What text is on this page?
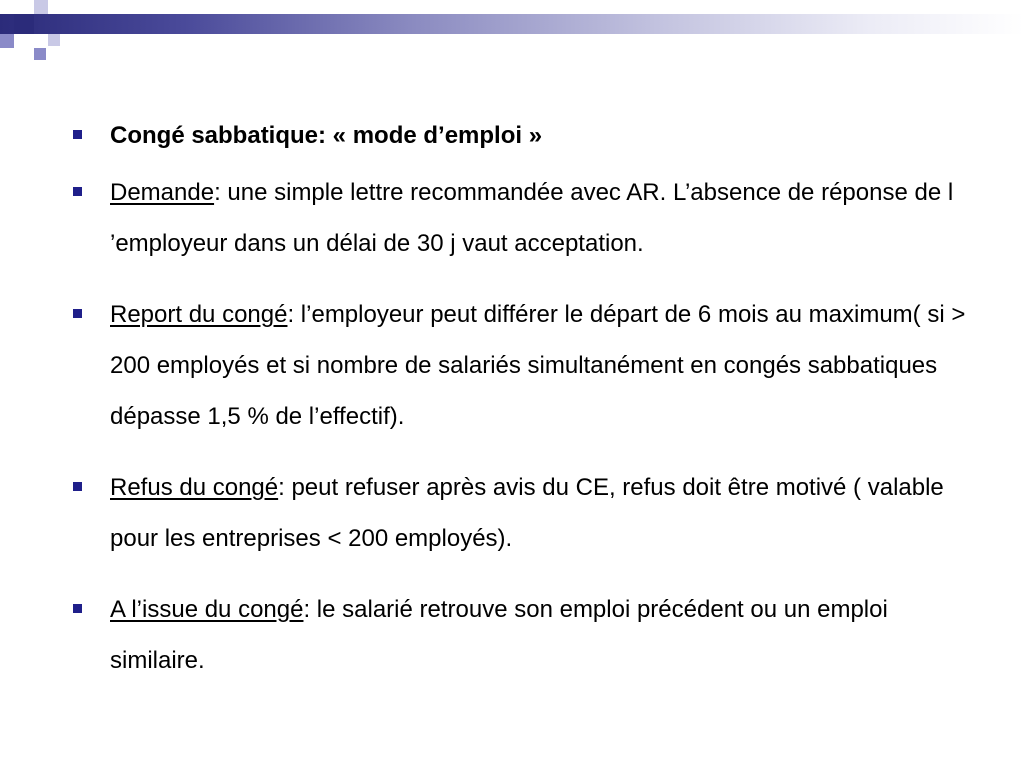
Congé sabbatique: « mode d’emploi »
Demande: une simple lettre recommandée avec AR. L’absence de réponse de l ’employeur dans un délai de 30 j vaut acceptation.
Report du congé: l’employeur peut différer le départ de 6 mois au maximum( si > 200 employés et si nombre de salariés simultanément en congés sabbatiques dépasse 1,5 % de l’effectif).
Refus du congé: peut refuser après avis du CE, refus doit être motivé ( valable pour les entreprises < 200 employés).
A l’issue du congé: le salarié retrouve son emploi précédent ou un emploi similaire.
